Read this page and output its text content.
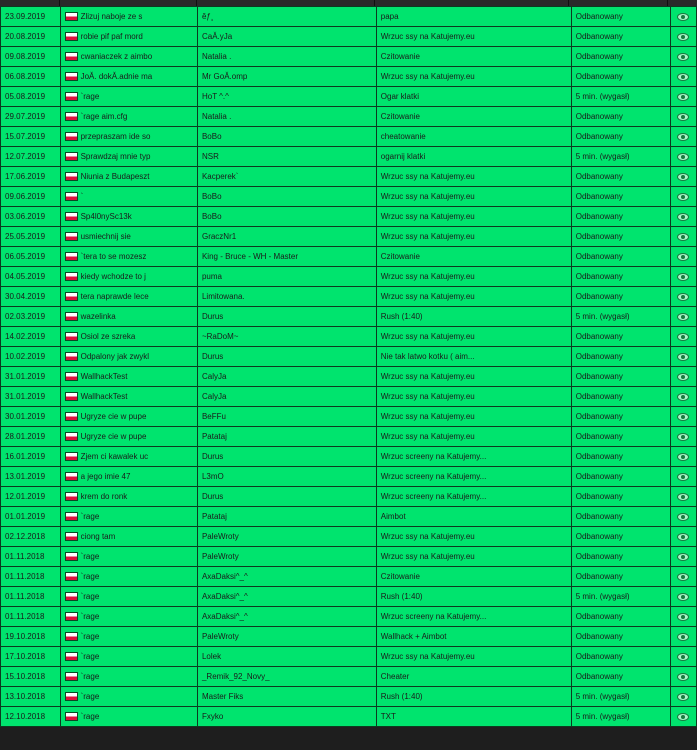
23.09.2019	Zlizuj naboje ze s	ěƒ¸	papa	Odbanowany	
20.08.2019	robie pif paf mord	CaĂ.yJa	Wrzuc ssy na Katujemy.eu	Odbanowany	
09.08.2019	cwaniaczek z aimbo	Natalia .	Czitowanie	Odbanowany	
06.08.2019	JoĂ. dokĂ.adnie ma	Mr GoĂ.omp	Wrzuc ssy na Katujemy.eu	Odbanowany	
05.08.2019	`rage	HoT ^.^	Ogar klatki	5 min. (wygasł)	
29.07.2019	`rage aim.cfg	Natalia .	Czitowanie	Odbanowany	
15.07.2019	przepraszam ide so	BoBo	cheatowanie	Odbanowany	
12.07.2019	Sprawdzaj mnie typ	NSR	ogarnij klatki	5 min. (wygasł)	
17.06.2019	Niunia z Budapeszt	Kacperek`	Wrzuc ssy na Katujemy.eu	Odbanowany	
09.06.2019	`	BoBo	Wrzuc ssy na Katujemy.eu	Odbanowany	
03.06.2019	Sp4l0nySc13k	BoBo	Wrzuc ssy na Katujemy.eu	Odbanowany	
25.05.2019	usmiechnij sie	GraczNr1	Wrzuc ssy na Katujemy.eu	Odbanowany	
06.05.2019	`tera to se mozesz	King - Bruce - WH - Master	Czitowanie	Odbanowany	
04.05.2019	kiedy wchodze to j	puma	Wrzuc ssy na Katujemy.eu	Odbanowany	
30.04.2019	tera naprawde lece	Limitowana.	Wrzuc ssy na Katujemy.eu	Odbanowany	
02.03.2019	wazelinka	Durus	Rush (1:40)	5 min. (wygasł)	
14.02.2019	Osiol ze szreka	~RaDoM~	Wrzuc ssy na Katujemy.eu	Odbanowany	
10.02.2019	Odpalony jak zwykl	Durus	Nie tak latwo kotku ( aim...	Odbanowany	
31.01.2019	WallhackTest	CalyJa	Wrzuc ssy na Katujemy.eu	Odbanowany	
31.01.2019	WallhackTest	CalyJa	Wrzuc ssy na Katujemy.eu	Odbanowany	
30.01.2019	Ugryze cie w pupe	BeFFu	Wrzuc ssy na Katujemy.eu	Odbanowany	
28.01.2019	Ugryze cie w pupe	Patataj	Wrzuc ssy na Katujemy.eu	Odbanowany	
16.01.2019	Zjem ci kawalek uc	Durus	Wrzuc screeny na Katujemy...	Odbanowany	
13.01.2019	a jego imie 47	L3mO	Wrzuc screeny na Katujemy...	Odbanowany	
12.01.2019	krem do ronk	Durus	Wrzuc screeny na Katujemy...	Odbanowany	
01.01.2019	`rage	Patataj	Aimbot	Odbanowany	
02.12.2018	ciong tam	PaleWroty	Wrzuc ssy na Katujemy.eu	Odbanowany	
01.11.2018	`rage	PaleWroty	Wrzuc ssy na Katujemy.eu	Odbanowany	
01.11.2018	`rage	AxaDaksi^_^	Czitowanie	Odbanowany	
01.11.2018	`rage	AxaDaksi^_^	Rush (1:40)	5 min. (wygasł)	
01.11.2018	`rage	AxaDaksi^_^	Wrzuc screeny na Katujemy...	Odbanowany	
19.10.2018	`rage	PaleWroty	Wallhack + Aimbot	Odbanowany	
17.10.2018	`rage	Lolek	Wrzuc ssy na Katujemy.eu	Odbanowany	
15.10.2018	`rage	_Remik_92_Novy_	Cheater	Odbanowany	
13.10.2018	`rage	Master Fiks	Rush (1:40)	5 min. (wygasł)	
12.10.2018	`rage	Fxyko	TXT	5 min. (wygasł)	
